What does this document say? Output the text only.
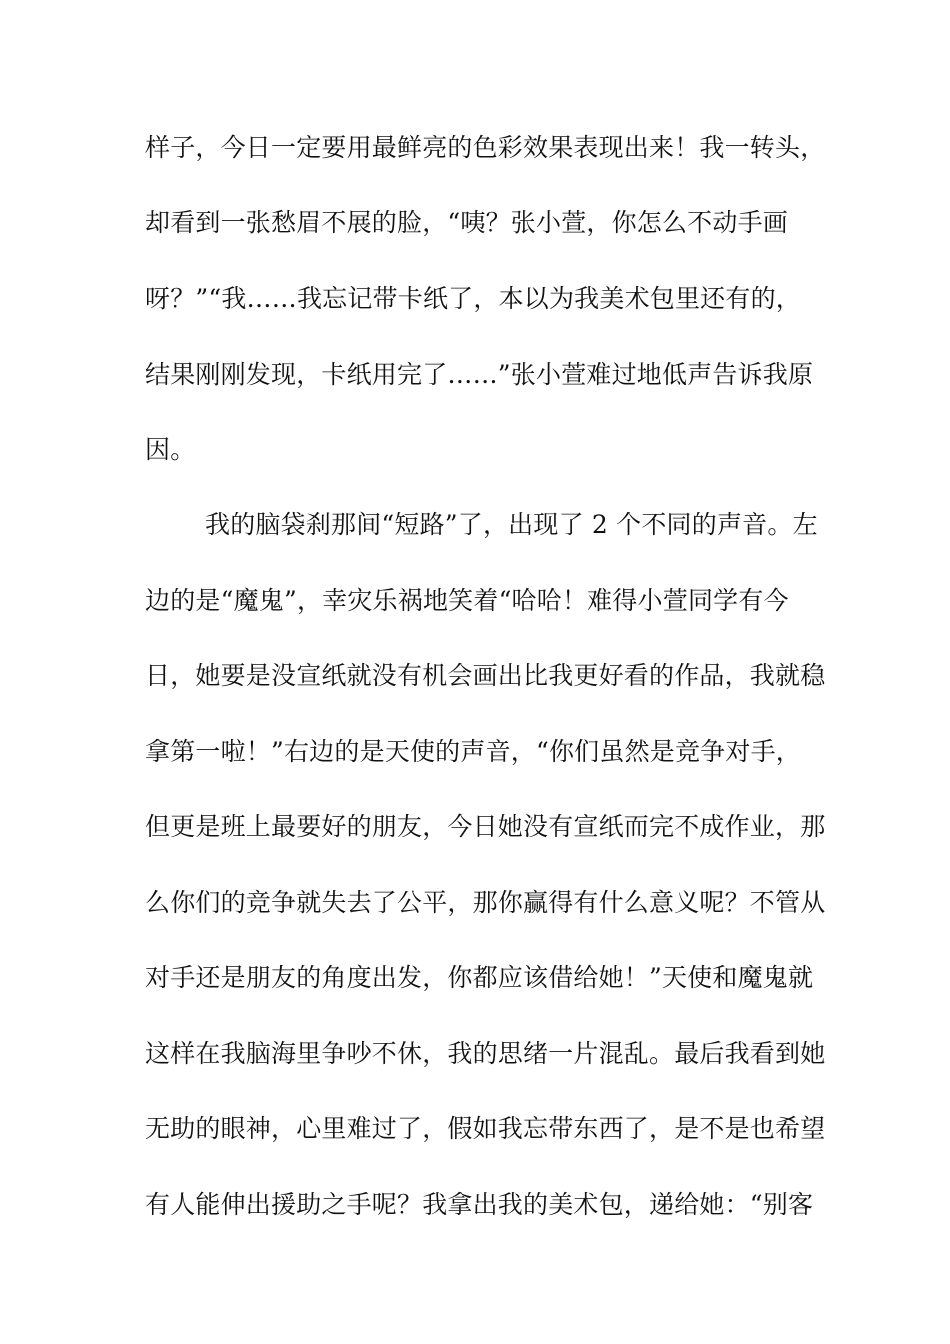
样子，今日一定要用最鲜亮的色彩效果表现出来！我一转头，
却看到一张愁眉不展的脸，“咦？张小萱，你怎么不动手画
呀？”“我……我忘记带卡纸了，本以为我美术包里还有的，
结果刚刚发现，卡纸用完了……”张小萱难过地低声告诉我原
因。
我的脑袋刹那间“短路”了，出现了 2 个不同的声音。左
边的是“魔鬼”，幸灾乐祸地笑着“哈哈！难得小萱同学有今
日，她要是没宣纸就没有机会画出比我更好看的作品，我就稳
拿第一啦！”右边的是天使的声音，“你们虽然是竞争对手，
但更是班上最要好的朋友，今日她没有宣纸而完不成作业，那
么你们的竞争就失去了公平，那你赢得有什么意义呢？不管从
对手还是朋友的角度出发，你都应该借给她！”天使和魔鬼就
这样在我脑海里争吵不休，我的思绪一片混乱。最后我看到她
无助的眼神，心里难过了，假如我忘带东西了，是不是也希望
有人能伸出援助之手呢？我拿出我的美术包，递给她：“别客
